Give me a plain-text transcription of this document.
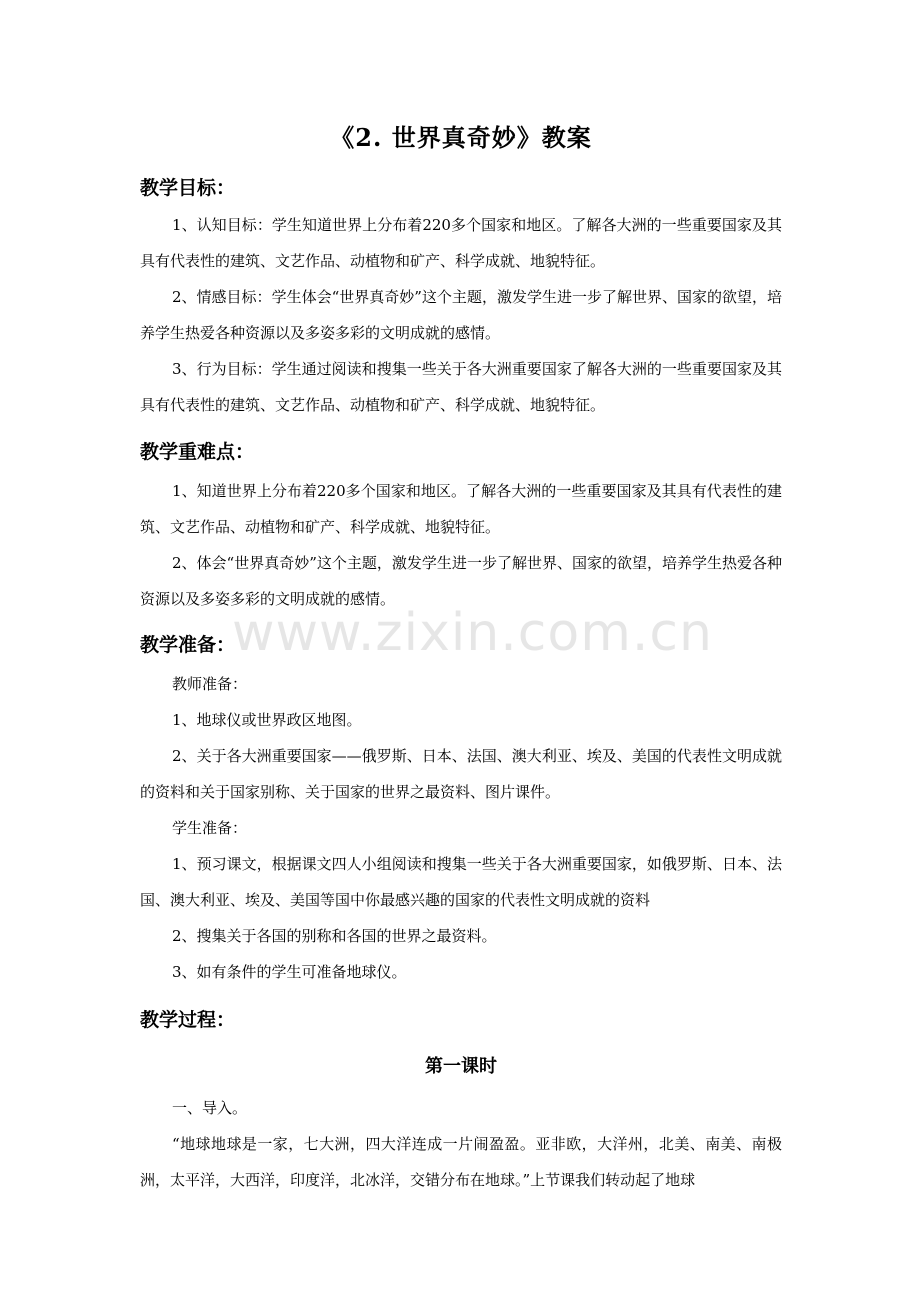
《2. 世界真奇妙》教案
教学目标：
1、认知目标：学生知道世界上分布着220多个国家和地区。了解各大洲的一些重要国家及其具有代表性的建筑、文艺作品、动植物和矿产、科学成就、地貌特征。
2、情感目标：学生体会“世界真奇妙”这个主题，激发学生进一步了解世界、国家的欲望，培养学生热爱各种资源以及多姿多彩的文明成就的感情。
3、行为目标：学生通过阅读和搜集一些关于各大洲重要国家了解各大洲的一些重要国家及其具有代表性的建筑、文艺作品、动植物和矿产、科学成就、地貌特征。
教学重难点：
1、知道世界上分布着220多个国家和地区。了解各大洲的一些重要国家及其具有代表性的建筑、文艺作品、动植物和矿产、科学成就、地貌特征。
2、体会“世界真奇妙”这个主题，激发学生进一步了解世界、国家的欲望，培养学生热爱各种资源以及多姿多彩的文明成就的感情。
教学准备：
教师准备：
1、地球仪或世界政区地图。
2、关于各大洲重要国家——俄罗斯、日本、法国、澳大利亚、埃及、美国的代表性文明成就的资料和关于国家别称、关于国家的世界之最资料、图片课件。
学生准备：
1、预习课文，根据课文四人小组阅读和搜集一些关于各大洲重要国家，如俄罗斯、日本、法国、澳大利亚、埃及、美国等国中你最感兴趣的国家的代表性文明成就的资料
2、搜集关于各国的别称和各国的世界之最资料。
3、如有条件的学生可准备地球仪。
教学过程：
第一课时
一、导入。
“地球地球是一家，七大洲，四大洋连成一片闹盈盈。亚非欧，大洋州，北美、南美、南极洲，太平洋，大西洋，印度洋，北冰洋，交错分布在地球。”上节课我们转动起了地球
www.zixin.com.cn
